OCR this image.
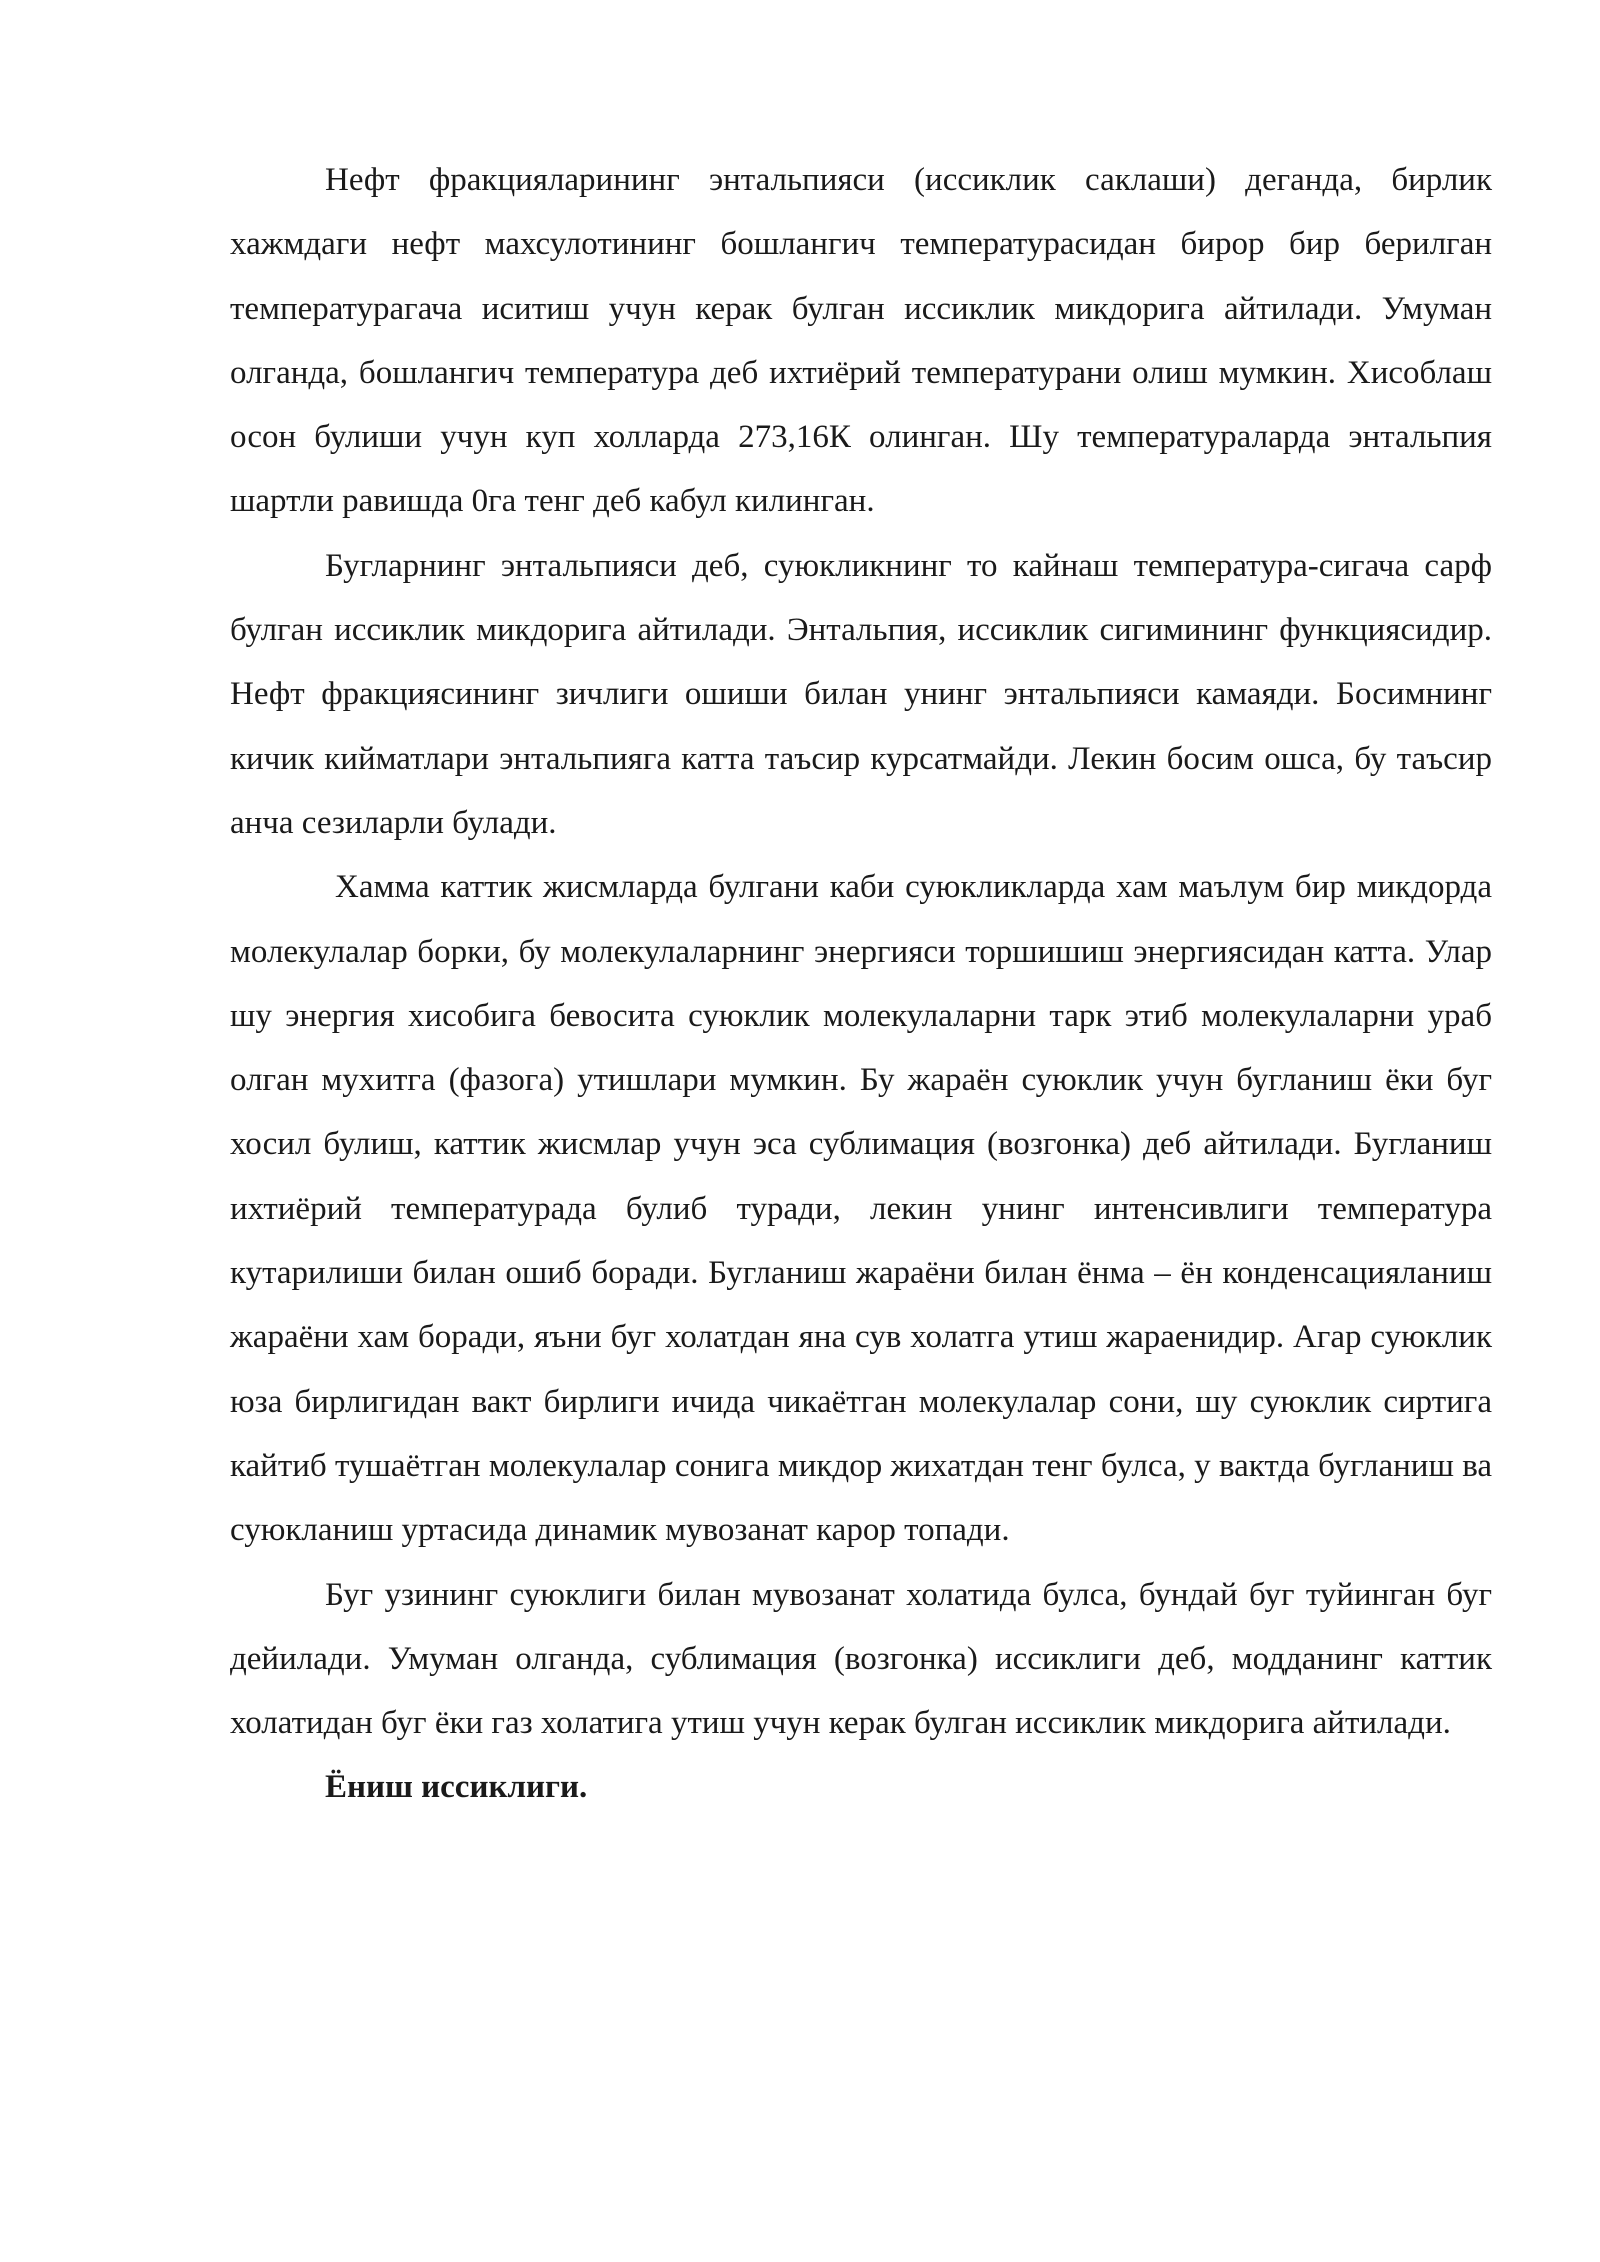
Нефт фракцияларининг энтальпияси (иссиклик саклаши) деганда, бирлик хажмдаги нефт махсулотининг бошлангич температурасидан бирор бир берилган температурагача иситиш учун керак булган иссиклик микдорига айтилади. Умуман олганда, бошлангич температура деб ихтиёрий температурани олиш мумкин. Хисоблаш осон булиши учун куп холларда 273,16К олинган. Шу температураларда энтальпия шартли равишда 0га тенг деб кабул килинган.

Бугларнинг энтальпияси деб, суюкликнинг то кайнаш температура-сигача сарф булган иссиклик микдорига айтилади. Энтальпия, иссиклик сигимининг функциясидир. Нефт фракциясининг зичлиги ошиши билан унинг энтальпияси камаяди. Босимнинг кичик кийматлари энтальпияга катта таъсир курсатмайди. Лекин босим ошса, бу таъсир анча сезиларли булади.

Хамма каттик жисмларда булгани каби суюкликларда хам маълум бир микдорда молекулалар борки, бу молекулаларнинг энергияси торшишиш энергиясидан катта. Улар шу энергия хисобига бевосита суюклик молекулаларни тарк этиб молекулаларни ураб олган мухитга (фазога) утишлари мумкин. Бу жараён суюклик учун бугланиш ёки буг хосил булиш, каттик жисмлар учун эса сублимация (возгонка) деб айтилади. Бугланиш ихтиёрий температурада булиб туради, лекин унинг интенсивлиги температура кутарилиши билан ошиб боради. Бугланиш жараёни билан ёнма – ён конденсацияланиш жараёни хам боради, яъни буг холатдан яна сув холатга утиш жараенидир. Агар суюклик юза бирлигидан вакт бирлиги ичида чикаётган молекулалар сони, шу суюклик сиртига кайтиб тушаётган молекулалар сонига микдор жихатдан тенг булса, у вактда бугланиш ва суюкланиш уртасида динамик мувозанат карор топади.

Буг узининг суюклиги билан мувозанат холатида булса, бундай буг туйинган буг дейилади. Умуман олганда, сублимация (возгонка) иссиклиги деб, модданинг каттик холатидан буг ёки газ холатига утиш учун керак булган иссиклик микдорига айтилади.

Ёниш иссиклиги.
